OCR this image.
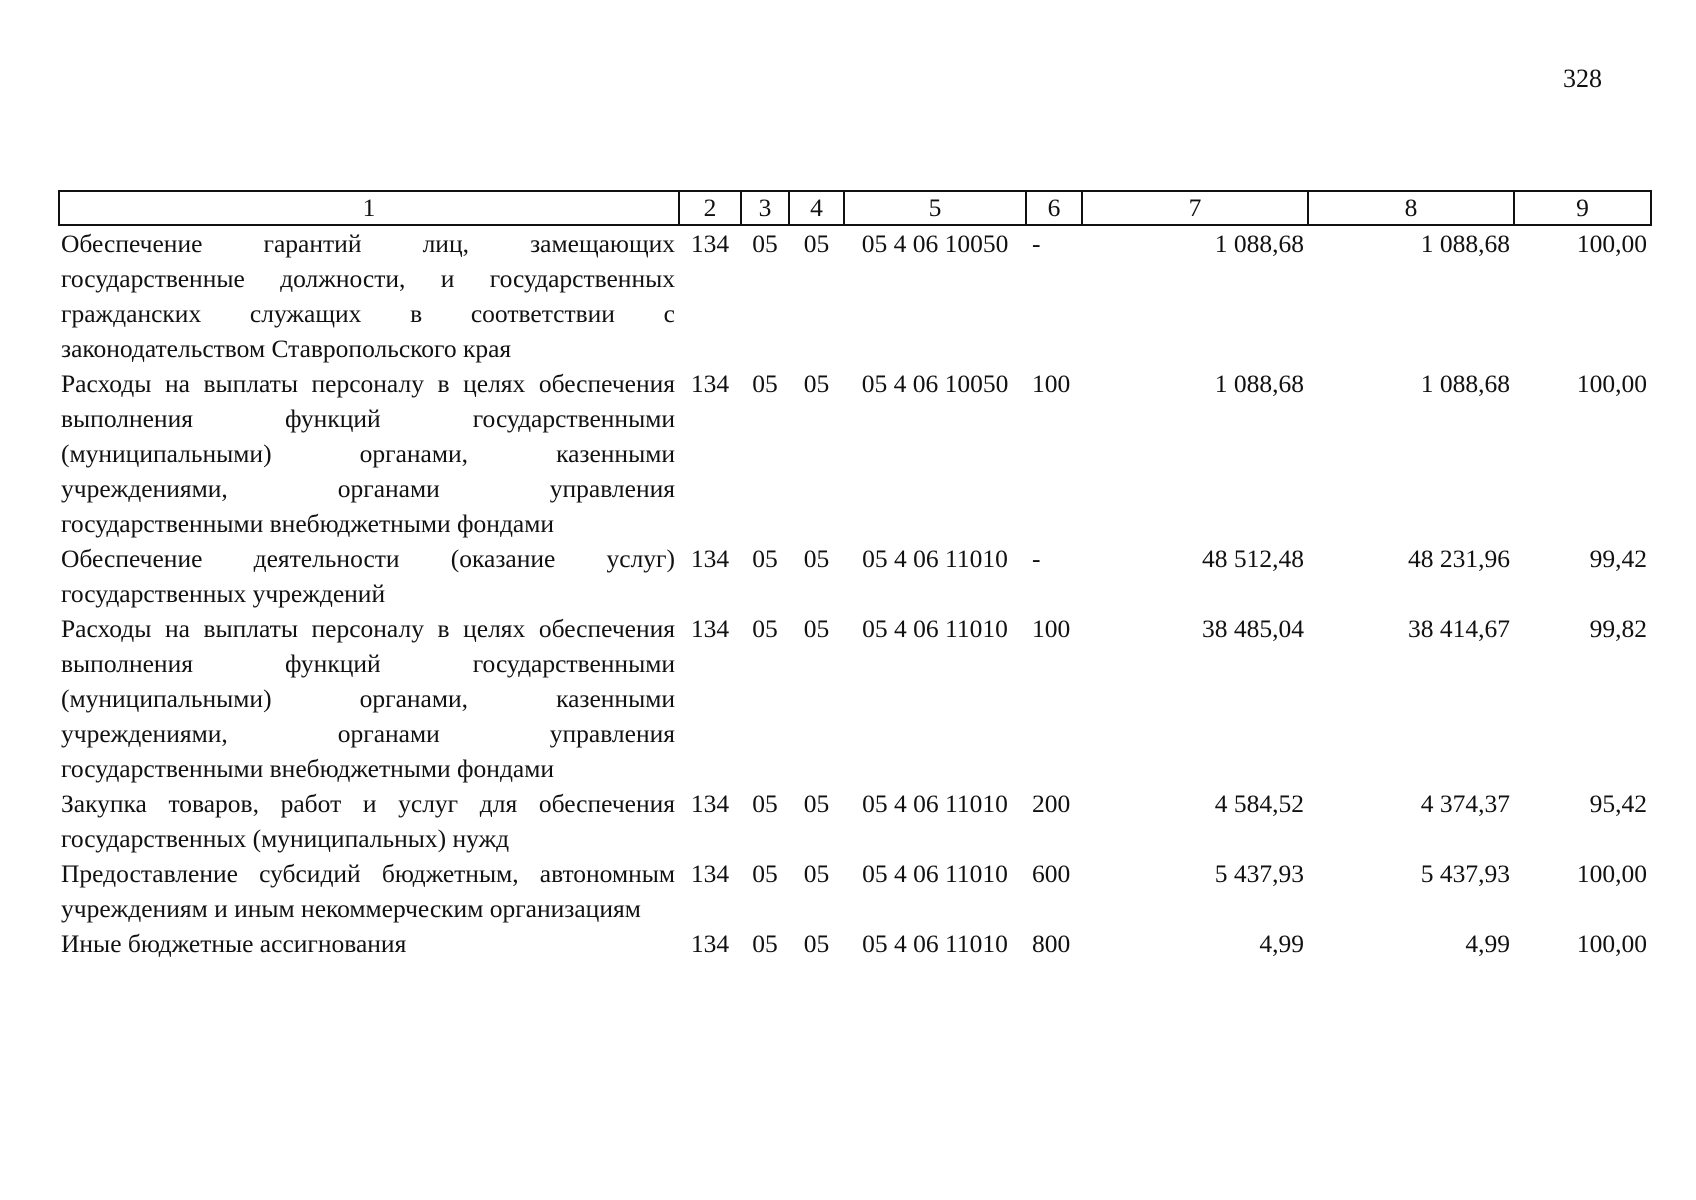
328
1	2	3	4	5	6	7	8	9
Обеспечение гарантий лиц, замещающих государственные должности, и государственных гражданских служащих в соответствии с законодательством Ставропольского края	134	05	05	05 4 06 10050	-	1 088,68	1 088,68	100,00
Расходы на выплаты персоналу в целях обеспечения выполнения функций государственными (муниципальными) органами, казенными учреждениями, органами управления государственными внебюджетными фондами	134	05	05	05 4 06 10050	100	1 088,68	1 088,68	100,00
Обеспечение деятельности (оказание услуг) государственных учреждений	134	05	05	05 4 06 11010	-	48 512,48	48 231,96	99,42
Расходы на выплаты персоналу в целях обеспечения выполнения функций государственными (муниципальными) органами, казенными учреждениями, органами управления государственными внебюджетными фондами	134	05	05	05 4 06 11010	100	38 485,04	38 414,67	99,82
Закупка товаров, работ и услуг для обеспечения государственных (муниципальных) нужд	134	05	05	05 4 06 11010	200	4 584,52	4 374,37	95,42
Предоставление субсидий бюджетным, автономным учреждениям и иным некоммерческим организациям	134	05	05	05 4 06 11010	600	5 437,93	5 437,93	100,00
Иные бюджетные ассигнования	134	05	05	05 4 06 11010	800	4,99	4,99	100,00
